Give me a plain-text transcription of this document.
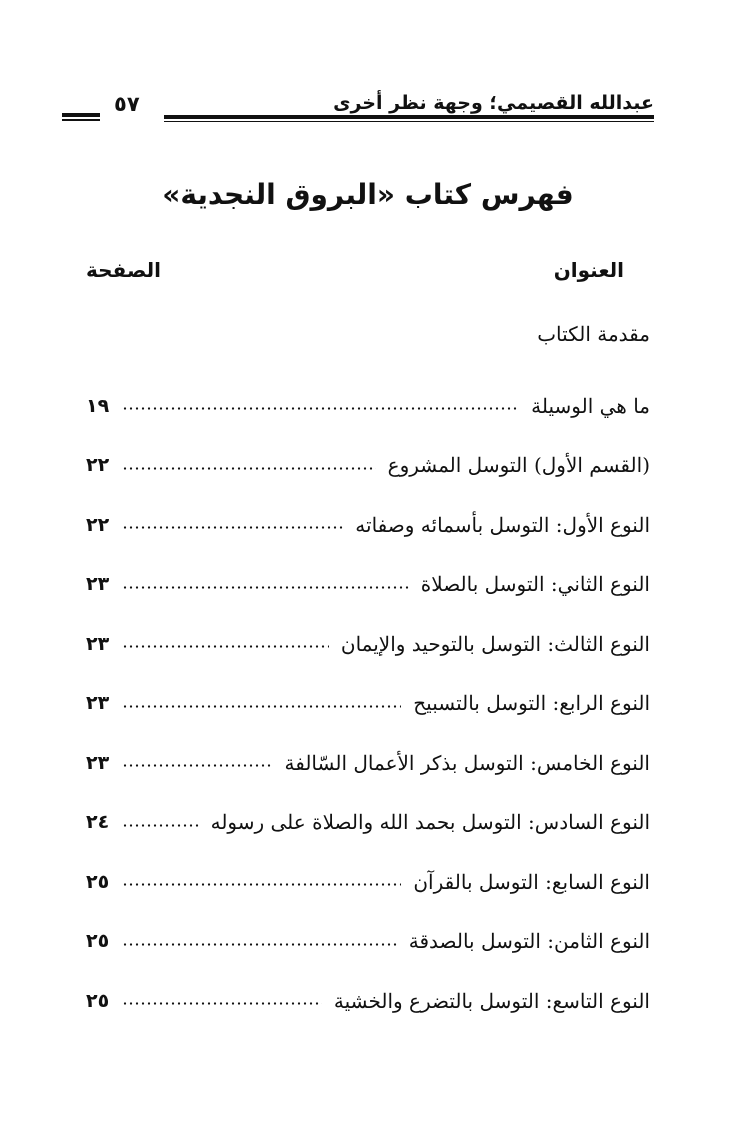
عبدالله القصيمي؛ وجهة نظر أخرى
٥٧
فهرس كتاب «البروق النجدية»
العنوان
الصفحة
مقدمة الكتاب
ما هي الوسيلة
١٩
(القسم الأول) التوسل المشروع
٢٢
النوع الأول: التوسل بأسمائه وصفاته
٢٢
النوع الثاني: التوسل بالصلاة
٢٣
النوع الثالث: التوسل بالتوحيد والإيمان
٢٣
النوع الرابع: التوسل بالتسبيح
٢٣
النوع الخامس: التوسل بذكر الأعمال السّالفة
٢٣
النوع السادس: التوسل بحمد الله والصلاة على رسوله
٢٤
النوع السابع: التوسل بالقرآن
٢٥
النوع الثامن: التوسل بالصدقة
٢٥
النوع التاسع: التوسل بالتضرع والخشية
٢٥
